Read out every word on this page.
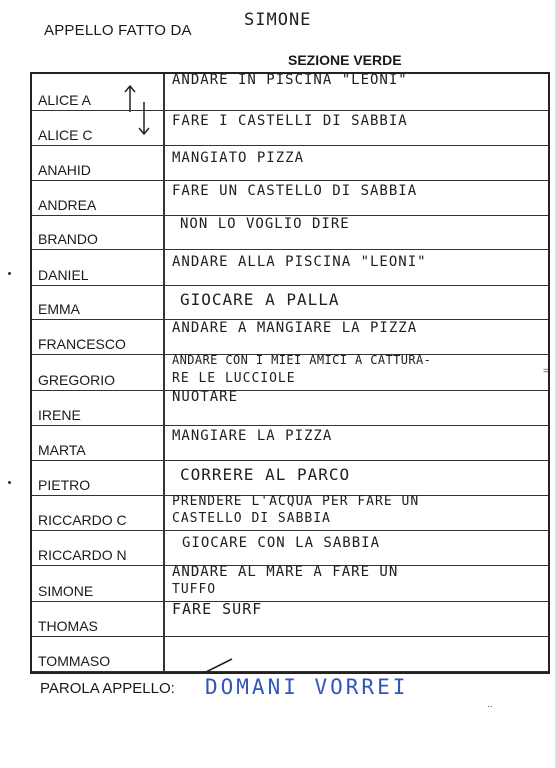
APPELLO FATTO DA
SIMONE
SEZIONE VERDE
ALICE A
ANDARE IN PISCINA "LEONI"
ALICE C
FARE I CASTELLI DI SABBIA
ANAHID
MANGIATO PIZZA
ANDREA
FARE UN CASTELLO DI SABBIA
BRANDO
NON LO VOGLIO DIRE
DANIEL
ANDARE ALLA PISCINA "LEONI"
EMMA	GIOCARE A PALLA
FRANCESCO
ANDARE A MANGIARE LA PIZZA
GREGORIO
ANDARE CON I MIEI AMICI A CATTURA-
RE LE LUCCIOLE
IRENE
NUOTARE
MARTA
MANGIARE LA PIZZA
PIETRO
CORRERE AL PARCO
RICCARDO C
PRENDERE L'ACQUA PER FARE UN
CASTELLO DI SABBIA
RICCARDO N
GIOCARE CON LA SABBIA
SIMONE
ANDARE AL MARE A FARE UN
TUFFO
THOMAS
FARE SURF
TOMMASO
=
PAROLA APPELLO: DOMANI VORREI
..
